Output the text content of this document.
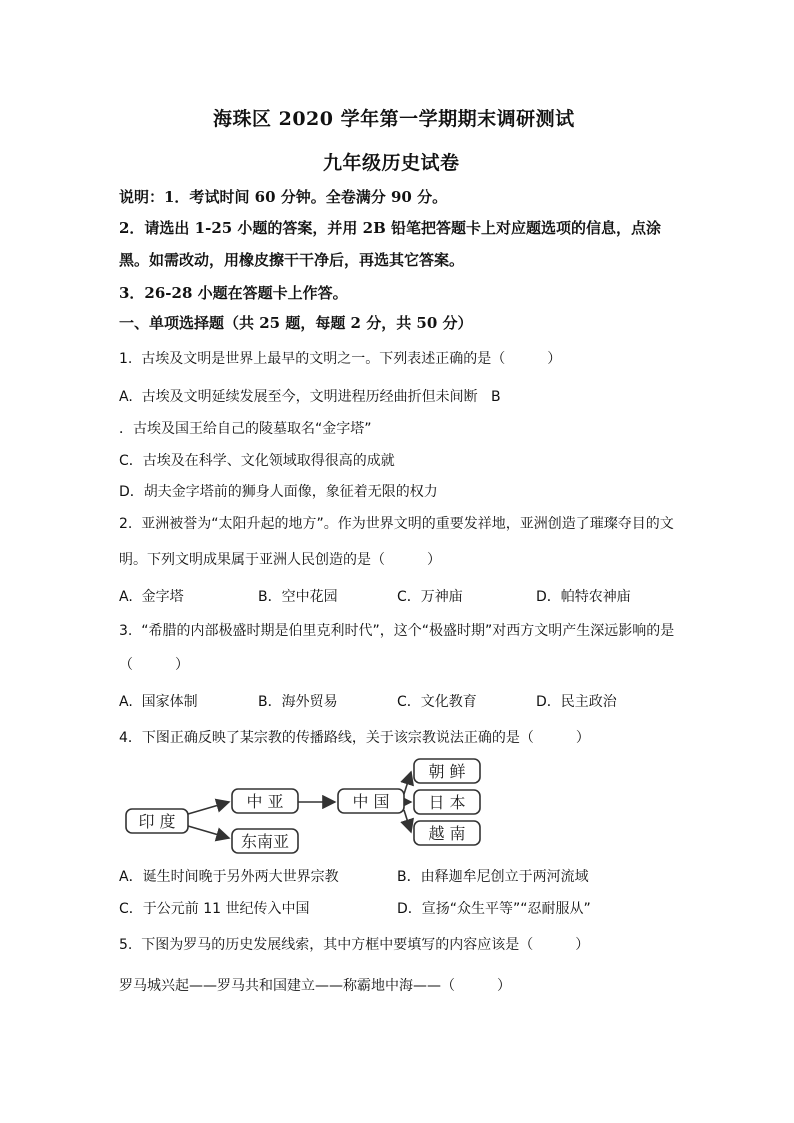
海珠区 2020 学年第一学期期末调研测试
九年级历史试卷
说明：1．考试时间 60 分钟。全卷满分 90 分。
2．请选出 1-25 小题的答案，并用 2B 铅笔把答题卡上对应题选项的信息，点涂
黑。如需改动，用橡皮擦干干净后，再选其它答案。
3．26-28 小题在答题卡上作答。
一、单项选择题（共 25 题，每题 2 分，共 50 分）
1.  古埃及文明是世界上最早的文明之一。下列表述正确的是（　　　）
A.  古埃及文明延续发展至今，文明进程历经曲折但未间断   B
．古埃及国王给自己的陵墓取名“金字塔”
C．古埃及在科学、文化领域取得很高的成就
D．胡夫金字塔前的狮身人面像，象征着无限的权力
2.  亚洲被誉为“太阳升起的地方”。作为世界文明的重要发祥地，亚洲创造了璀璨夺目的文
明。下列文明成果属于亚洲人民创造的是（　　　）
A.  金字塔	B．空中花园	C．万神庙	D．帕特农神庙
3.  “希腊的内部极盛时期是伯里克利时代”，这个“极盛时期”对西方文明产生深远影响的是
（　　　）
A.  国家体制	B．海外贸易	C．文化教育	D．民主政治
4．下图正确反映了某宗教的传播路线，关于该宗教说法正确的是（　　　）
印 度
中 亚
东南亚
中 国
朝 鲜
日 本
越 南
A．诞生时间晚于另外两大世界宗教	B．由释迦牟尼创立于两河流域
C．于公元前 11 世纪传入中国	D．宣扬“众生平等”“忍耐服从”
5.  下图为罗马的历史发展线索，其中方框中要填写的内容应该是（　　　）
罗马城兴起——罗马共和国建立——称霸地中海——（　　　）
